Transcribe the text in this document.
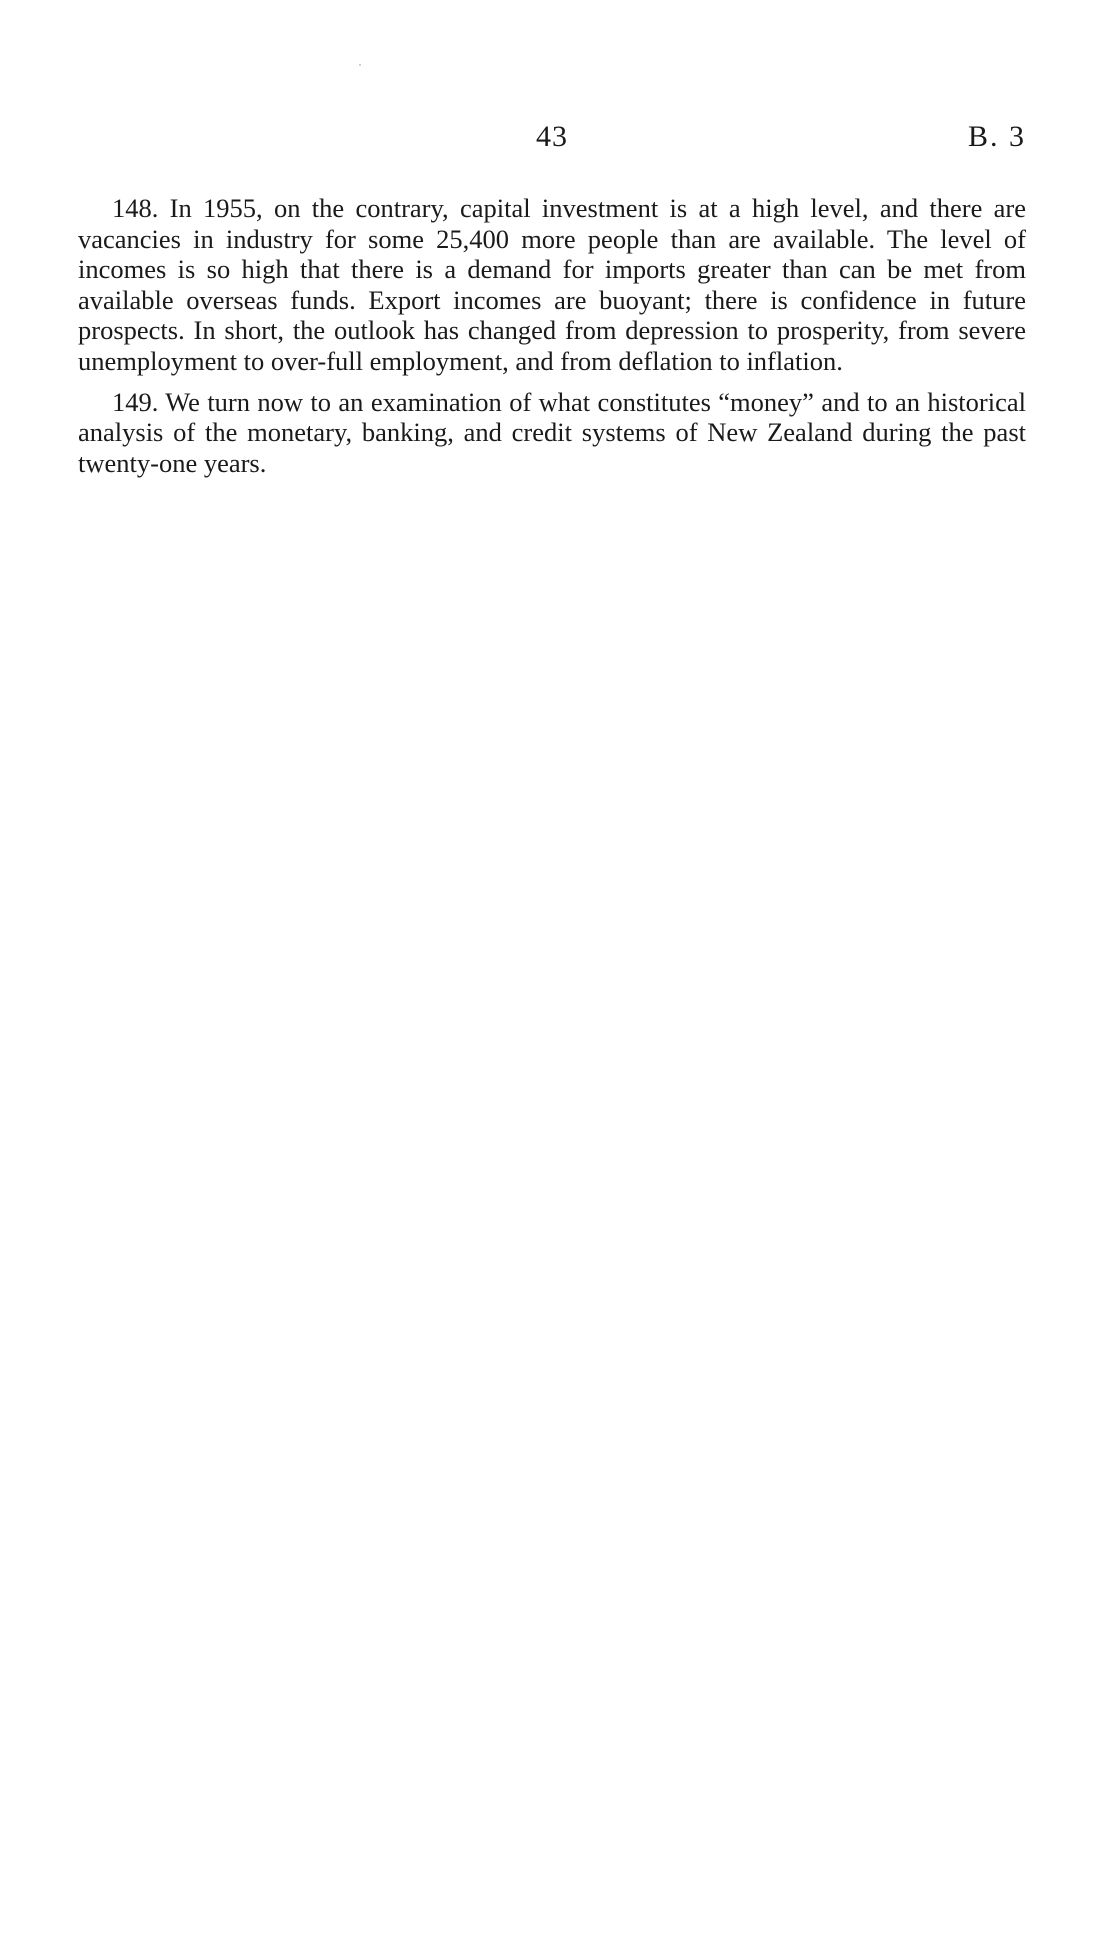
43	B. 3

148. In 1955, on the contrary, capital investment is at a high level, and there are vacancies in industry for some 25,400 more people than are available. The level of incomes is so high that there is a demand for imports greater than can be met from available overseas funds. Export incomes are buoyant; there is confidence in future prospects. In short, the outlook has changed from depression to prosperity, from severe unemployment to over-full employment, and from deflation to inflation.

149. We turn now to an examination of what constitutes “money” and to an historical analysis of the monetary, banking, and credit systems of New Zealand during the past twenty-one years.
